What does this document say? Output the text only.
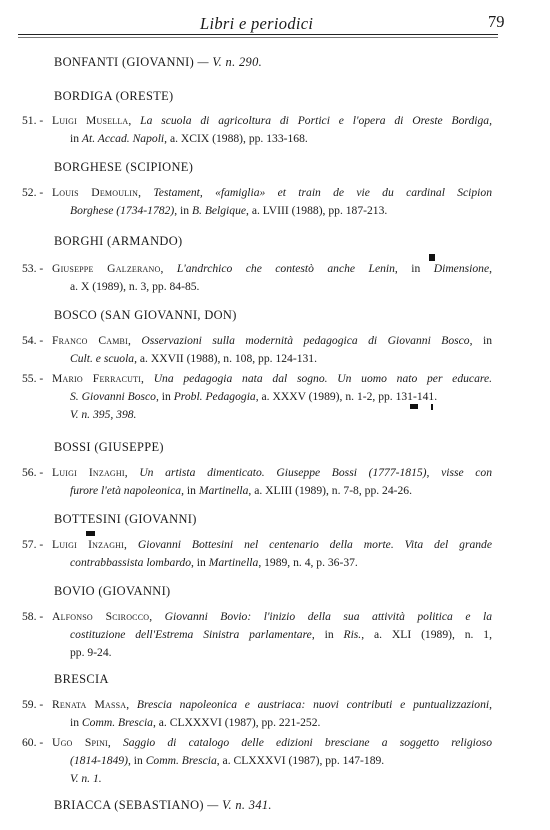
Libri e periodici	79
BONFANTI (GIOVANNI) — V. n. 290.
BORDIGA (ORESTE)
51. - Luigi Musella, La scuola di agricoltura di Portici e l'opera di Oreste Bordiga,
in At. Accad. Napoli, a. XCIX (1988), pp. 133-168.
BORGHESE (SCIPIONE)
52. - Louis Demoulin, Testament, «famiglia» et train de vie du cardinal Scipion
Borghese (1734-1782), in B. Belgique, a. LVIII (1988), pp. 187-213.
BORGHI (ARMANDO)
53. - Giuseppe Galzerano, L'andrchico che contestò anche Lenin, in Dimensione,
a. X (1989), n. 3, pp. 84-85.
BOSCO (SAN GIOVANNI, DON)
54. - Franco Cambi, Osservazioni sulla modernità pedagogica di Giovanni Bosco, in
Cult. e scuola, a. XXVII (1988), n. 108, pp. 124-131.
55. - Mario Ferracuti, Una pedagogia nata dal sogno. Un uomo nato per educare.
S. Giovanni Bosco, in Probl. Pedagogia, a. XXXV (1989), n. 1-2, pp. 131-141.
V. n. 395, 398.
BOSSI (GIUSEPPE)
56. - Luigi Inzaghi, Un artista dimenticato. Giuseppe Bossi (1777-1815), visse con
furore l'età napoleonica, in Martinella, a. XLIII (1989), n. 7-8, pp. 24-26.
BOTTESINI (GIOVANNI)
57. - Luigi Inzaghi, Giovanni Bottesini nel centenario della morte. Vita del grande
contrabbassista lombardo, in Martinella, 1989, n. 4, p. 36-37.
BOVIO (GIOVANNI)
58. - Alfonso Scirocco, Giovanni Bovio: l'inizio della sua attività politica e la
costituzione dell'Estrema Sinistra parlamentare, in Ris., a. XLI (1989), n. 1,
pp. 9-24.
BRESCIA
59. - Renata Massa, Brescia napoleonica e austriaca: nuovi contributi e puntualizzazioni,
in Comm. Brescia, a. CLXXXVI (1987), pp. 221-252.
60. - Ugo Spini, Saggio di catalogo delle edizioni bresciane a soggetto religioso
(1814-1849), in Comm. Brescia, a. CLXXXVI (1987), pp. 147-189.
V. n. 1.
BRIACCA (SEBASTIANO) — V. n. 341.
